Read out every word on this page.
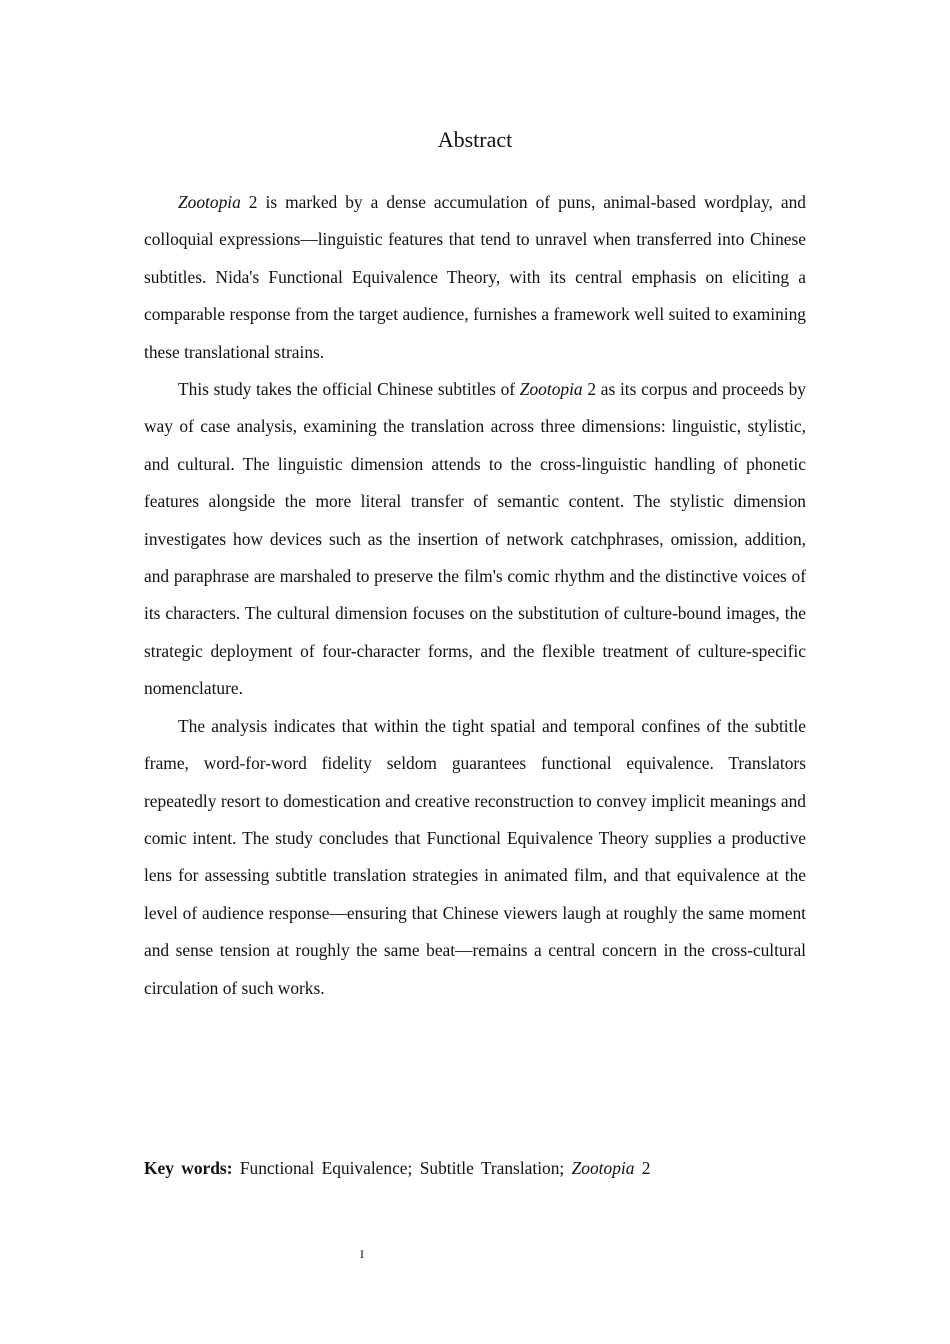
Abstract

Zootopia 2 is marked by a dense accumulation of puns, animal-based wordplay, and colloquial expressions—linguistic features that tend to unravel when transferred into Chinese subtitles. Nida's Functional Equivalence Theory, with its central emphasis on eliciting a comparable response from the target audience, furnishes a framework well suited to examining these translational strains.

This study takes the official Chinese subtitles of Zootopia 2 as its corpus and proceeds by way of case analysis, examining the translation across three dimensions: linguistic, stylistic, and cultural. The linguistic dimension attends to the cross-linguistic handling of phonetic features alongside the more literal transfer of semantic content. The stylistic dimension investigates how devices such as the insertion of network catchphrases, omission, addition, and paraphrase are marshaled to preserve the film's comic rhythm and the distinctive voices of its characters. The cultural dimension focuses on the substitution of culture-bound images, the strategic deployment of four-character forms, and the flexible treatment of culture-specific nomenclature.

The analysis indicates that within the tight spatial and temporal confines of the subtitle frame, word-for-word fidelity seldom guarantees functional equivalence. Translators repeatedly resort to domestication and creative reconstruction to convey implicit meanings and comic intent. The study concludes that Functional Equivalence Theory supplies a productive lens for assessing subtitle translation strategies in animated film, and that equivalence at the level of audience response—ensuring that Chinese viewers laugh at roughly the same moment and sense tension at roughly the same beat—remains a central concern in the cross-cultural circulation of such works.

Key words: Functional Equivalence; Subtitle Translation; Zootopia 2
I
